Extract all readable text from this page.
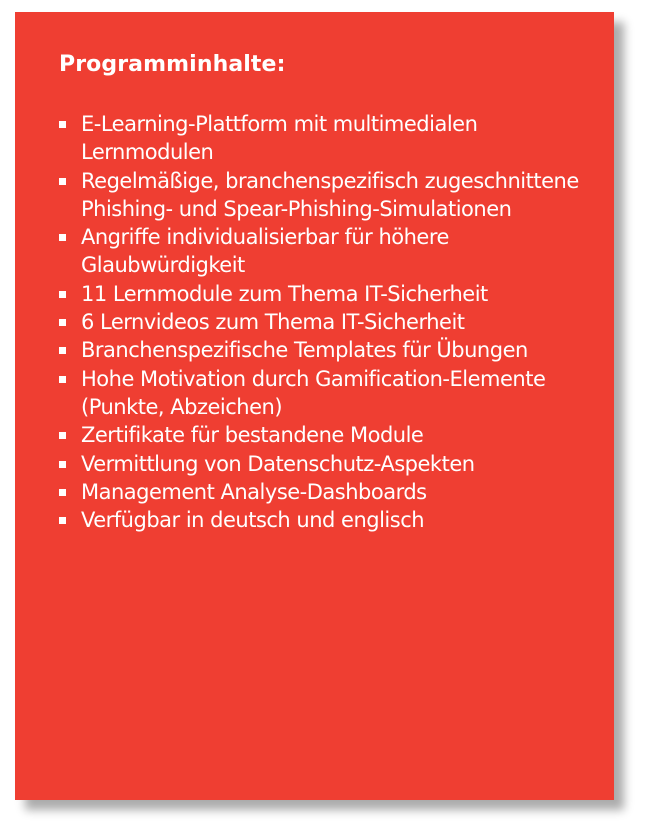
Programminhalte:
E-Learning-Plattform mit multimedialen Lernmodulen
Regelmäßige, branchenspezifisch zugeschnittene Phishing- und Spear-Phishing-Simulationen
Angriffe individualisierbar für höhere Glaubwürdigkeit
11 Lernmodule zum Thema IT-Sicherheit
6 Lernvideos zum Thema IT-Sicherheit
Branchenspezifische Templates für Übungen
Hohe Motivation durch Gamification-Elemente (Punkte, Abzeichen)
Zertifikate für bestandene Module
Vermittlung von Datenschutz-Aspekten
Management Analyse-Dashboards
Verfügbar in deutsch und englisch
